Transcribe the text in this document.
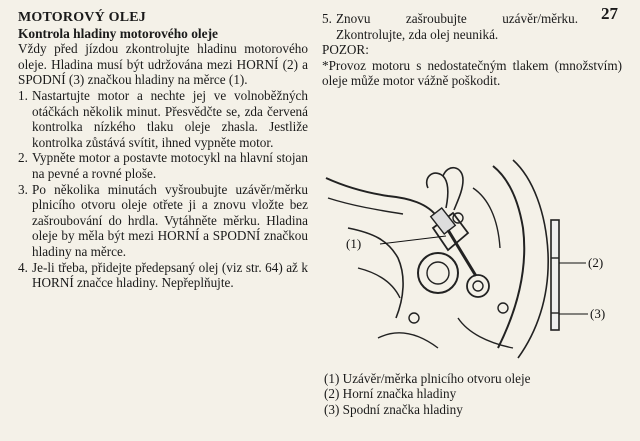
27
MOTOROVÝ OLEJ
Kontrola hladiny motorového oleje

Vždy před jízdou zkontrolujte hladinu motorového oleje. Hladina musí být udržována mezi HORNÍ (2) a SPODNÍ (3) značkou hladiny na měrce (1).

1. Nastartujte motor a nechte jej ve volnoběžných otáčkách několik minut. Přesvědčte se, zda červená kontrolka nízkého tlaku oleje zhasla. Jestliže kontrolka zůstává svítit, ihned vypněte motor.
2. Vypněte motor a postavte motocykl na hlavní stojan na pevné a rovné ploše.
3. Po několika minutách vyšroubujte uzávěr/měrku plnicího otvoru oleje otřete ji a znovu vložte bez zašroubování do hrdla. Vytáhněte měrku. Hladina oleje by měla být mezi HORNÍ a SPODNÍ značkou hladiny na měrce.
4. Je-li třeba, přidejte předepsaný olej (viz str. 64) až k HORNÍ značce hladiny. Nepřeplňujte.
5. Znovu zašroubujte uzávěr/měrku. Zkontrolujte, zda olej neuniká.
POZOR:

*Provoz motoru s nedostatečným tlakem (množstvím) oleje může motor vážně poškodit.

(1)
(2)
(3)
(1) Uzávěr/měrka plnicího otvoru oleje
(2) Horní značka hladiny
(3) Spodní značka hladiny
